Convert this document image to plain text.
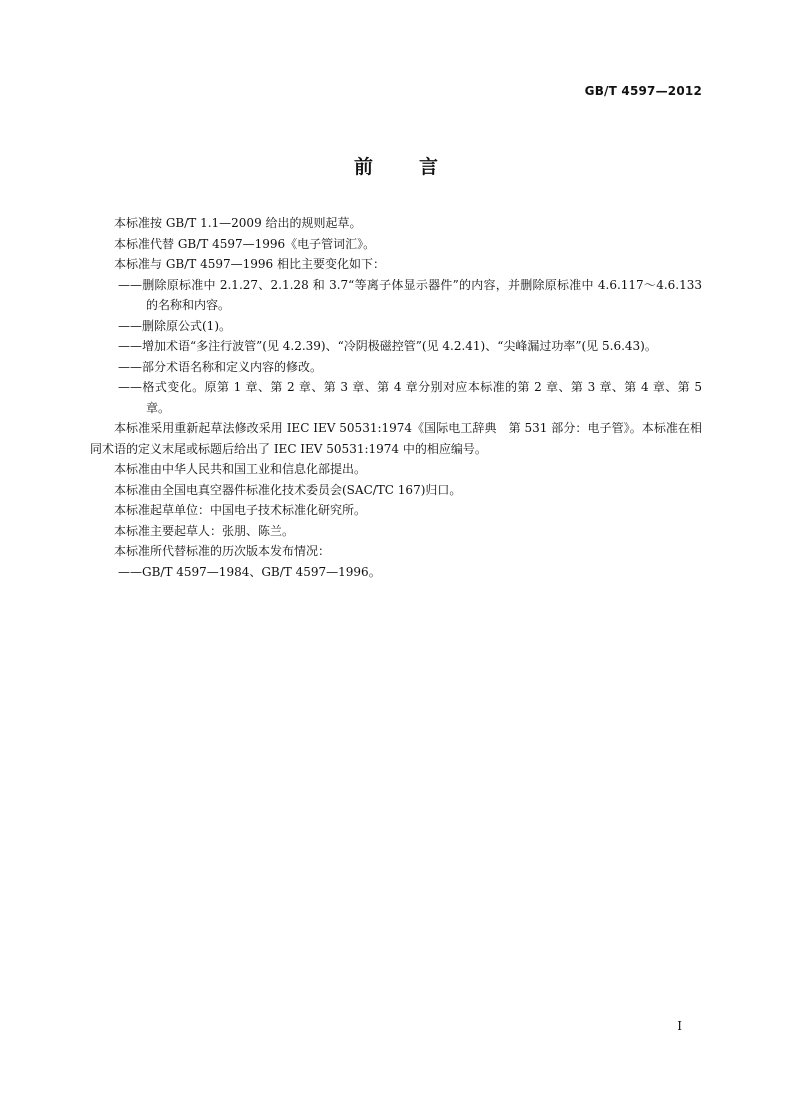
GB/T 4597—2012
前言

本标准按 GB/T 1.1—2009 给出的规则起草。

本标准代替 GB/T 4597—1996《电子管词汇》。

本标准与 GB/T 4597—1996 相比主要变化如下：

——删除原标准中 2.1.27、2.1.28 和 3.7“等离子体显示器件”的内容，并删除原标准中 4.6.117～4.6.133 的名称和内容。

——删除原公式(1)。

——增加术语“多注行波管”(见 4.2.39)、“冷阴极磁控管”(见 4.2.41)、“尖峰漏过功率”(见 5.6.43)。

——部分术语名称和定义内容的修改。

——格式变化。原第 1 章、第 2 章、第 3 章、第 4 章分别对应本标准的第 2 章、第 3 章、第 4 章、第 5 章。

本标准采用重新起草法修改采用 IEC IEV 50531:1974《国际电工辞典　第 531 部分：电子管》。本标准在相同术语的定义末尾或标题后给出了 IEC IEV 50531:1974 中的相应编号。

本标准由中华人民共和国工业和信息化部提出。

本标准由全国电真空器件标准化技术委员会(SAC/TC 167)归口。

本标准起草单位：中国电子技术标准化研究所。

本标准主要起草人：张朋、陈兰。

本标准所代替标准的历次版本发布情况：

——GB/T 4597—1984、GB/T 4597—1996。

I
